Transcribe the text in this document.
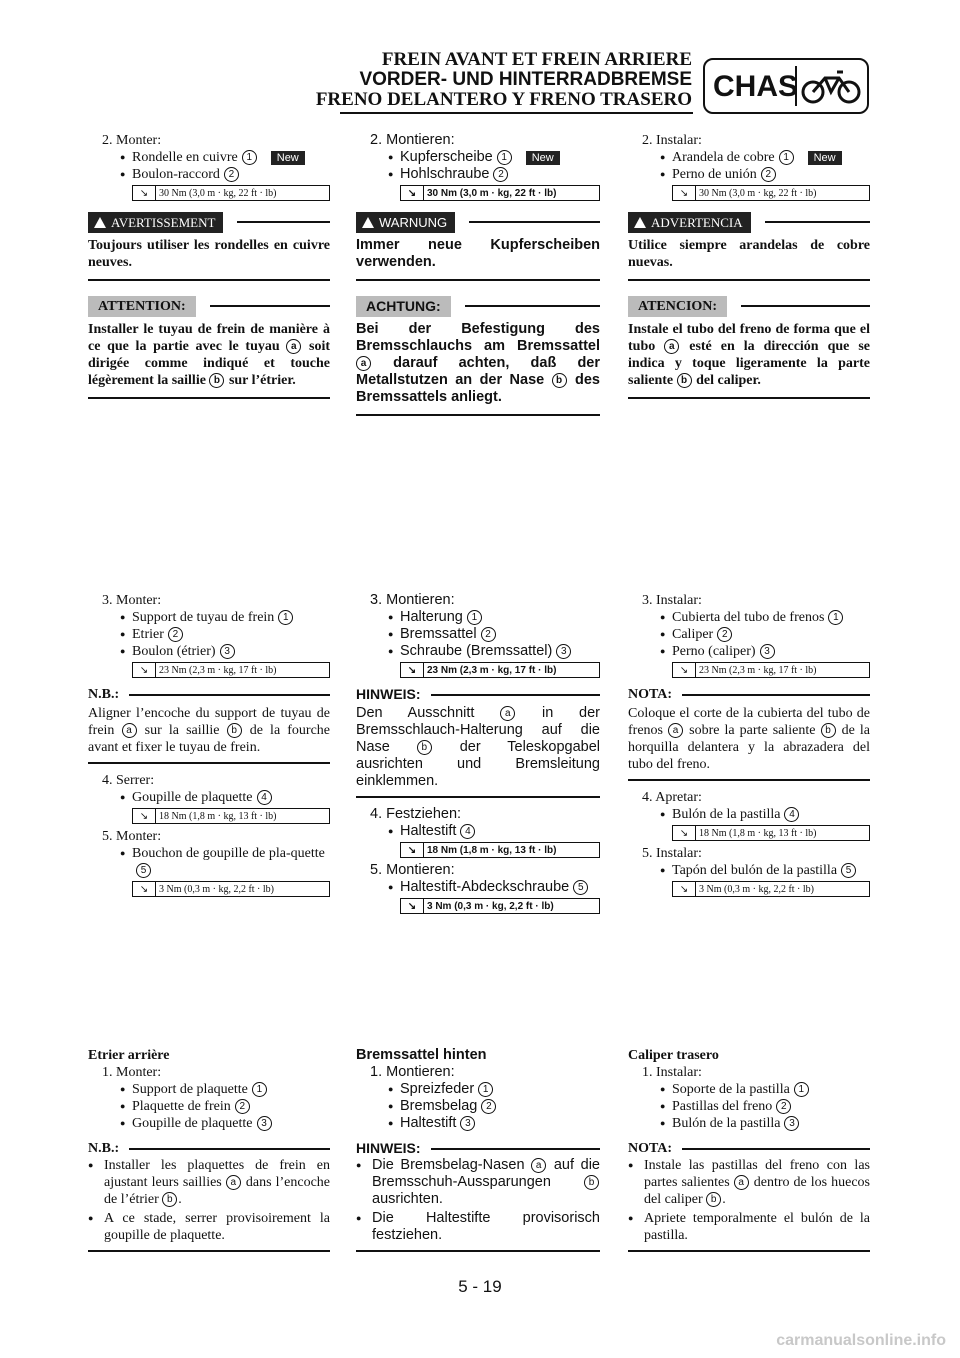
FREIN AVANT ET FREIN ARRIERE
VORDER- UND HINTERRADBREMSE
FRENO DELANTERO Y FRENO TRASERO CHAS
2. Monter:
● Rondelle en cuivre 1 New
● Boulon-raccord 2
↘	30 Nm (3,0 m · kg, 22 ft · lb)
AVERTISSEMENT
Toujours utiliser les rondelles en cuivre neuves.
ATTENTION:
Installer le tuyau de frein de manière à ce que la partie avec le tuyau a soit dirigée comme indiqué et touche légèrement la saillie b sur l’étrier.
3. Monter:
● Support de tuyau de frein 1
● Etrier 2
● Boulon (étrier) 3
↘	23 Nm (2,3 m · kg, 17 ft · lb)
N.B.:
Aligner l’encoche du support de tuyau de frein a sur la saillie b de la fourche avant et fixer le tuyau de frein.
4. Serrer:
● Goupille de plaquette 4
↘	18 Nm (1,8 m · kg, 13 ft · lb)
5. Monter:
● Bouchon de goupille de pla-quette5
↘	3 Nm (0,3 m · kg, 2,2 ft · lb)
Etrier arrière
1. Monter:
● Support de plaquette 1
● Plaquette de frein 2
● Goupille de plaquette 3
N.B.:
● Installer les plaquettes de frein en ajustant leurs saillies a dans l’encoche de l’étrier b .
● A ce stade, serrer provisoirement la goupille de plaquette.
2. Montieren:
● Kupferscheibe 1 New
● Hohlschraube 2
↘	30 Nm (3,0 m · kg, 22 ft · lb)
WARNUNG
Immer neue Kupferscheiben verwenden.
ACHTUNG:
Bei der Befestigung des Bremsschlauchs am Bremssattel a darauf achten, daß der Metallstutzen an der Nase b des Bremssattels anliegt.
3. Montieren:
● Halterung 1
● Bremssattel 2
● Schraube (Bremssattel) 3
↘	23 Nm (2,3 m · kg, 17 ft · lb)
HINWEIS:
Den Ausschnitt	a in der Bremsschlauch-Halterung auf die Nase	b der Teleskopgabel ausrichten und Bremsleitung einklemmen.
4. Festziehen:
● Haltestift 4
↘	18 Nm (1,8 m · kg, 13 ft · lb)
5. Montieren:
● Haltestift-Abdeckschraube 5
↘	3 Nm (0,3 m · kg, 2,2 ft · lb)
Bremssattel hinten
1. Montieren:
● Spreizfeder 1
● Bremsbelag 2
● Haltestift 3
HINWEIS:
● Die Bremsbelag-Nasen a auf die Bremsschuh-Aussparungen	b ausrichten.
● Die Haltestifte provisorisch festziehen.
2. Instalar:
● Arandela de cobre 1 New
● Perno de unión 2
↘	30 Nm (3,0 m · kg, 22 ft · lb)
ADVERTENCIA
Utilice siempre arandelas de cobre nuevas.
ATENCION:
Instale el tubo del freno de forma que el tubo a esté en la dirección que se indica y toque ligeramente la parte saliente b del caliper.
3. Instalar:
● Cubierta del tubo de frenos 1
● Caliper 2
● Perno (caliper) 3
↘	23 Nm (2,3 m · kg, 17 ft · lb)
NOTA:
Coloque el corte de la cubierta del tubo de frenos a sobre la parte saliente b de la horquilla delantera y la abrazadera del tubo del freno.
4. Apretar:
● Bulón de la pastilla 4
↘	18 Nm (1,8 m · kg, 13 ft · lb)
5. Instalar:
● Tapón del bulón de la pastilla 5
↘	3 Nm (0,3 m · kg, 2,2 ft · lb)
Caliper trasero
1. Instalar:
● Soporte de la pastilla 1
● Pastillas del freno 2
● Bulón de la pastilla 3
NOTA:
● Instale las pastillas del freno con las partes salientes a dentro de los huecos del caliper b .
● Apriete temporalmente el bulón de la pastilla.
5 - 19
carmanualsonline.info
